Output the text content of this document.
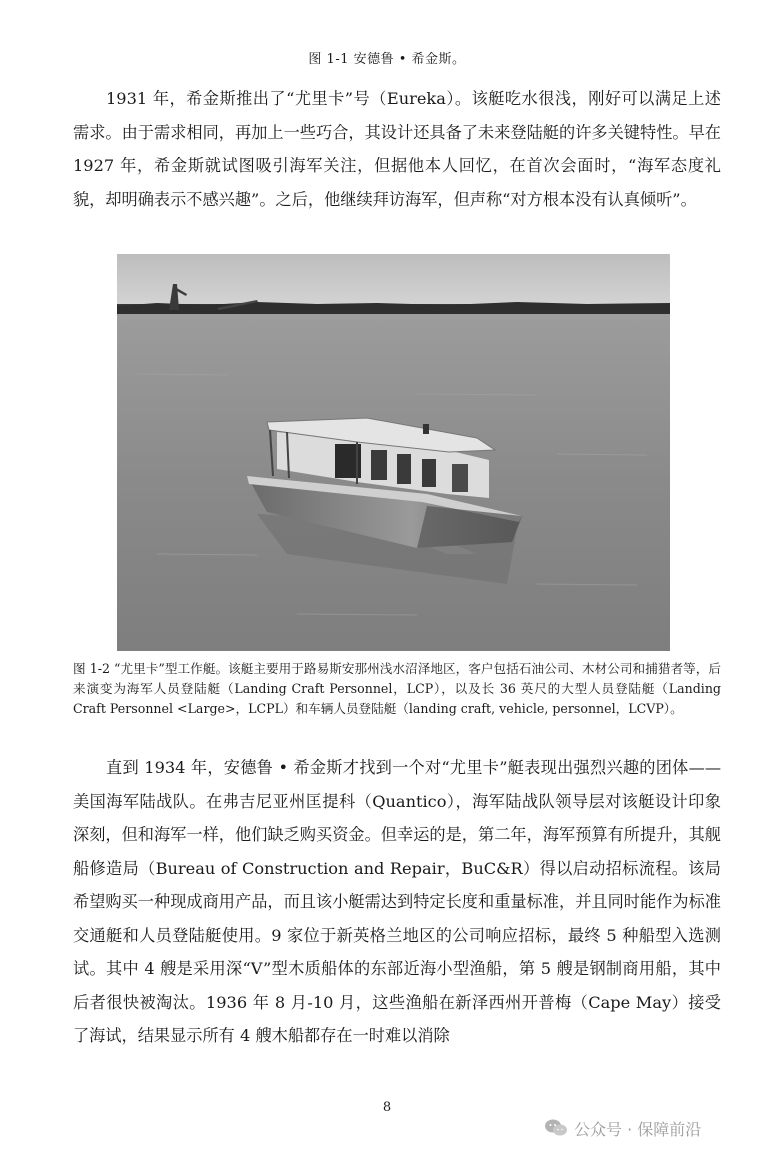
图 1-1 安德鲁 • 希金斯。

1931 年，希金斯推出了“尤里卡”号（Eureka）。该艇吃水很浅，刚好可以满足上述需求。由于需求相同，再加上一些巧合，其设计还具备了未来登陆艇的许多关键特性。早在 1927 年，希金斯就试图吸引海军关注，但据他本人回忆，在首次会面时，“海军态度礼貌，却明确表示不感兴趣”。之后，他继续拜访海军，但声称“对方根本没有认真倾听”。

图 1-2 “尤里卡”型工作艇。该艇主要用于路易斯安那州浅水沼泽地区，客户包括石油公司、木材公司和捕猎者等，后来演变为海军人员登陆艇（Landing Craft Personnel，LCP），以及长 36 英尺的大型人员登陆艇（Landing Craft Personnel <Large>，LCPL）和车辆人员登陆艇（landing craft, vehicle, personnel，LCVP）。

直到 1934 年，安德鲁 • 希金斯才找到一个对“尤里卡”艇表现出强烈兴趣的团体——美国海军陆战队。在弗吉尼亚州匡提科（Quantico），海军陆战队领导层对该艇设计印象深刻，但和海军一样，他们缺乏购买资金。但幸运的是，第二年，海军预算有所提升，其舰船修造局（Bureau of Construction and Repair，BuC&R）得以启动招标流程。该局希望购买一种现成商用产品，而且该小艇需达到特定长度和重量标准，并且同时能作为标准交通艇和人员登陆艇使用。9 家位于新英格兰地区的公司响应招标，最终 5 种船型入选测试。其中 4 艘是采用深“V”型木质船体的东部近海小型渔船，第 5 艘是钢制商用船，其中后者很快被淘汰。1936 年 8 月-10 月，这些渔船在新泽西州开普梅（Cape May）接受了海试，结果显示所有 4 艘木船都存在一时难以消除

8
公众号 · 保障前沿
